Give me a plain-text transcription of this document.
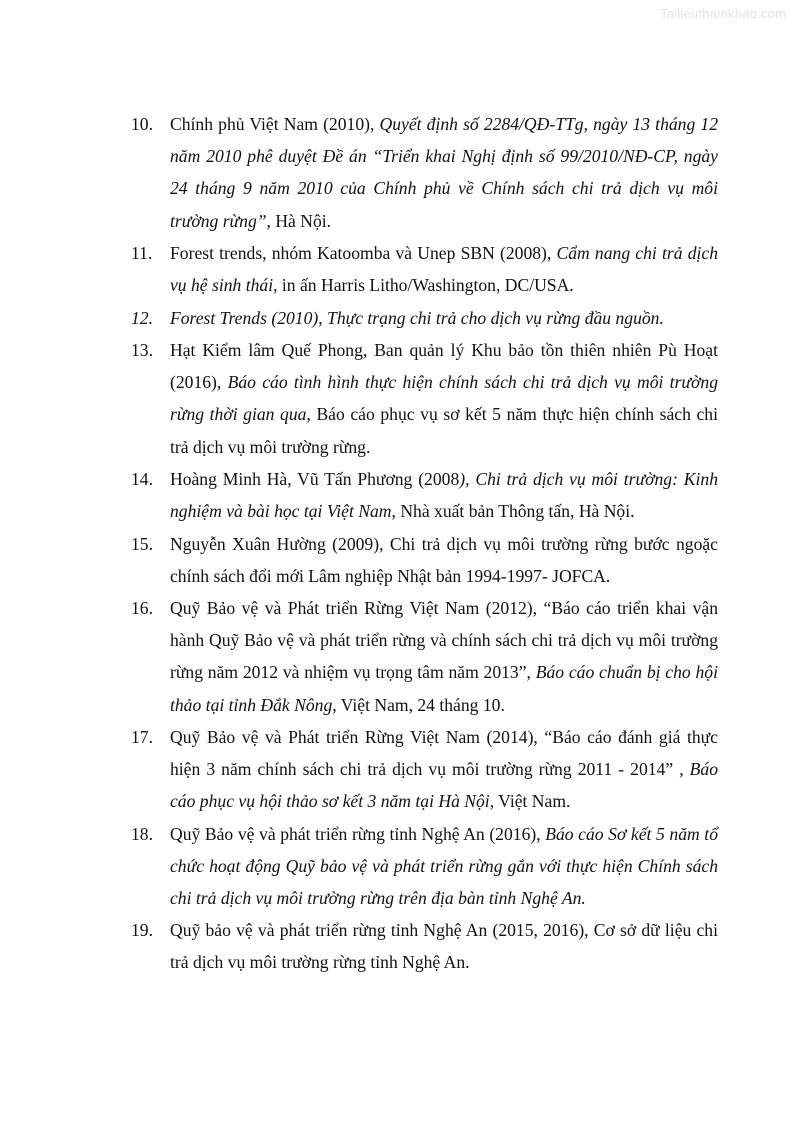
Tailieuthamkhao.com
10. Chính phủ Việt Nam (2010), Quyết định số 2284/QĐ-TTg, ngày 13 tháng 12 năm 2010 phê duyệt Đề án “Triển khai Nghị định số 99/2010/NĐ-CP, ngày 24 tháng 9 năm 2010 của Chính phủ về Chính sách chi trả dịch vụ môi trường rừng”, Hà Nội.
11.	Forest trends, nhóm Katoomba và Unep SBN (2008), Cẩm nang chi trả dịch vụ hệ sinh thái, in ấn Harris Litho/Washington, DC/USA.
12. Forest Trends (2010), Thực trạng chi trả cho dịch vụ rừng đầu nguồn.
13. Hạt Kiểm lâm Quế Phong, Ban quản lý Khu bảo tồn thiên nhiên Pù Hoạt (2016), Báo cáo tình hình thực hiện chính sách chi trả dịch vụ môi trường rừng thời gian qua, Báo cáo phục vụ sơ kết 5 năm thực hiện chính sách chi trả dịch vụ môi trường rừng.
14. Hoàng Minh Hà, Vũ Tấn Phương (2008), Chi trả dịch vụ môi trường: Kinh nghiệm và bài học tại Việt Nam, Nhà xuất bản Thông tấn, Hà Nội.
15. Nguyễn Xuân Hường (2009), Chi trả dịch vụ môi trường rừng bước ngoặc chính sách đổi mới Lâm nghiệp Nhật bản 1994-1997- JOFCA.
16. Quỹ Bảo vệ và Phát triển Rừng Việt Nam (2012), “Báo cáo triển khai vận hành Quỹ Bảo vệ và phát triển rừng và chính sách chi trả dịch vụ môi trường rừng năm 2012 và nhiệm vụ trọng tâm năm 2013”, Báo cáo chuẩn bị cho hội thảo tại tỉnh Đắk Nông, Việt Nam, 24 tháng 10.
17. Quỹ Bảo vệ và Phát triển Rừng Việt Nam (2014), “Báo cáo đánh giá thực hiện 3 năm chính sách chi trả dịch vụ môi trường rừng 2011 - 2014” , Báo cáo phục vụ hội thảo sơ kết 3 năm tại Hà Nội, Việt Nam.
18. Quỹ Bảo vệ và phát triển rừng tỉnh Nghệ An (2016), Báo cáo Sơ kết 5 năm tổ chức hoạt động Quỹ bảo vệ và phát triển rừng gắn với thực hiện Chính sách chi trả dịch vụ môi trường rừng trên địa bàn tỉnh Nghệ An.
19. Quỹ bảo vệ và phát triển rừng tỉnh Nghệ An (2015, 2016), Cơ sở dữ liệu chi trả dịch vụ môi trường rừng tỉnh Nghệ An.
